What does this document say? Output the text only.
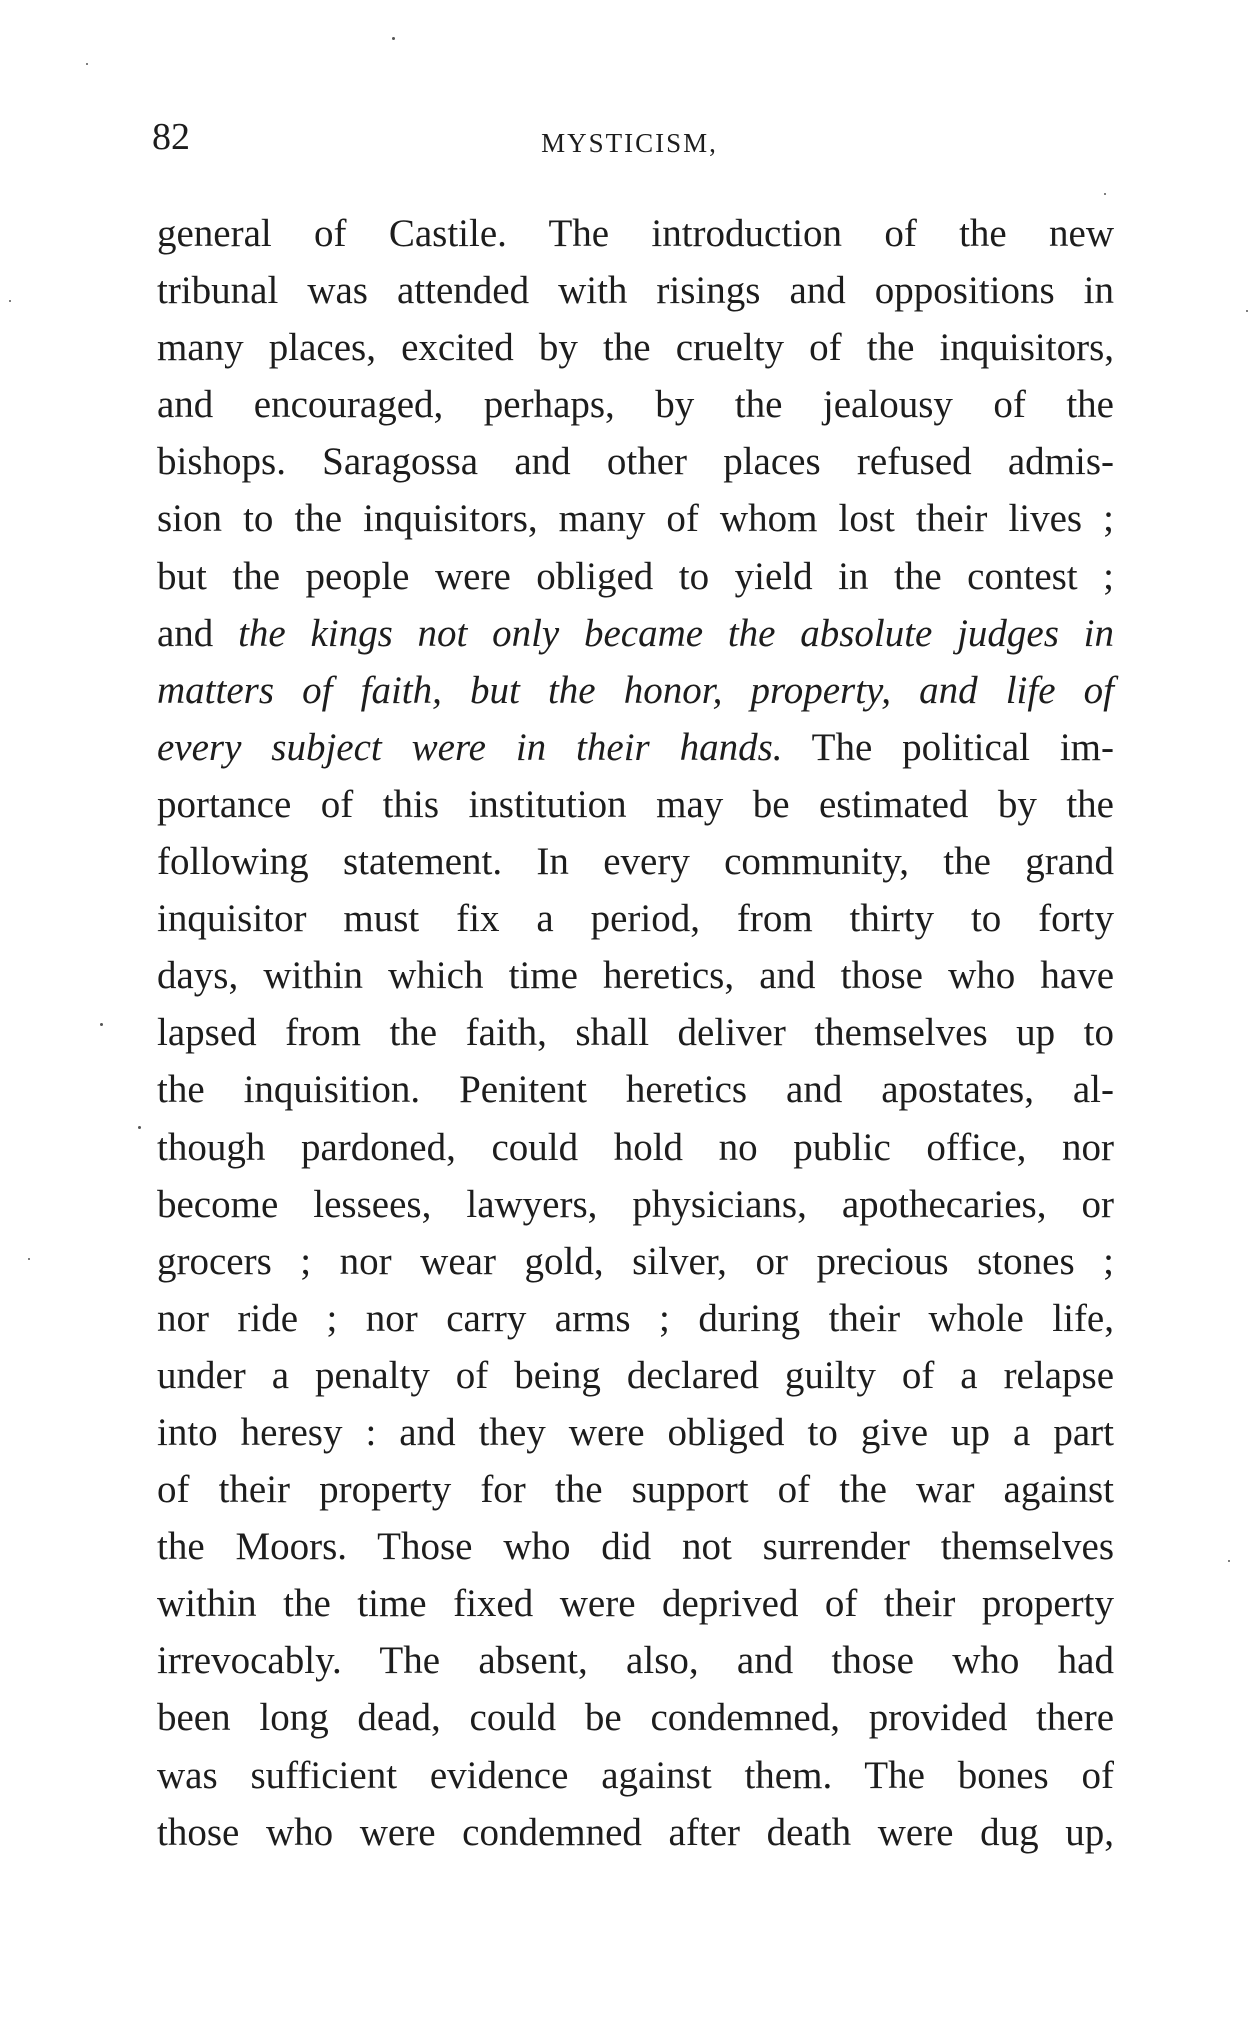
82	MYSTICISM,
general of Castile. The introduction of the new
tribunal was attended with risings and oppositions in
many places, excited by the cruelty of the inquisitors,
and encouraged, perhaps, by the jealousy of the
bishops. Saragossa and other places refused admis-
sion to the inquisitors, many of whom lost their lives ;
but the people were obliged to yield in the contest ;
and the kings not only became the absolute judges in
matters of faith, but the honor, property, and life of
every subject were in their hands. The political im-
portance of this institution may be estimated by the
following statement. In every community, the grand
inquisitor must fix a period, from thirty to forty
days, within which time heretics, and those who have
lapsed from the faith, shall deliver themselves up to
the inquisition. Penitent heretics and apostates, al-
though pardoned, could hold no public office, nor
become lessees, lawyers, physicians, apothecaries, or
grocers ; nor wear gold, silver, or precious stones ;
nor ride ; nor carry arms ; during their whole life,
under a penalty of being declared guilty of a relapse
into heresy : and they were obliged to give up a part
of their property for the support of the war against
the Moors. Those who did not surrender themselves
within the time fixed were deprived of their property
irrevocably. The absent, also, and those who had
been long dead, could be condemned, provided there
was sufficient evidence against them. The bones of
those who were condemned after death were dug up,
